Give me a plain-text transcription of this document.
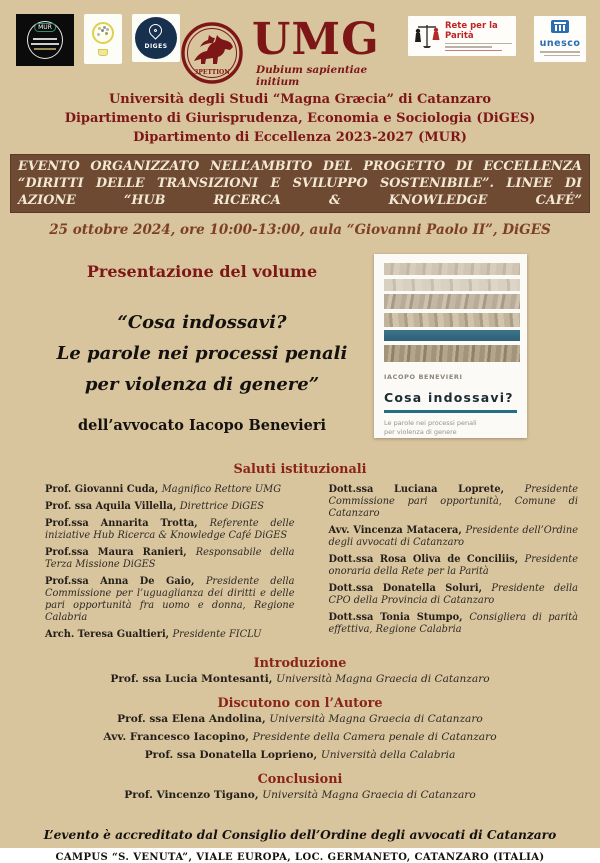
MUR
DIGES
3PETTION
UMG
Dubium sapientiae initium
Rete per la Parità
unesco
Università degli Studi “Magna Græcia” di Catanzaro
Dipartimento di Giurisprudenza, Economia e Sociologia (DiGES)
Dipartimento di Eccellenza 2023-2027 (MUR)
EVENTO ORGANIZZATO NELL’AMBITO DEL PROGETTO DI ECCELLENZA “DIRITTI DELLE TRANSIZIONI E SVILUPPO SOSTENIBILE”. LINEE DI AZIONE “HUB RICERCA & KNOWLEDGE CAFÉ”
25 ottobre 2024, ore 10:00-13:00, aula “Giovanni Paolo II”, DiGES
Presentazione del volume
“Cosa indossavi?
Le parole nei processi penali
per violenza di genere”
dell’avvocato Iacopo Benevieri
IACOPO BENEVIERI
Cosa indossavi?
Le parole nei processi penali
per violenza di genere
Saluti istituzionali

Prof. Giovanni Cuda, Magnifico Rettore UMG

Prof. ssa Aquila Villella, Direttrice DiGES

Prof.ssa Annarita Trotta, Referente delle iniziative Hub Ricerca & Knowledge Café DiGES

Prof.ssa Maura Ranieri, Responsabile della Terza Missione DiGES

Prof.ssa Anna De Gaio, Presidente della Commissione per l’uguaglianza dei diritti e delle pari opportunità fra uomo e donna, Regione Calabria

Arch. Teresa Gualtieri, Presidente FICLU

Dott.ssa Luciana Loprete, Presidente Commissione pari opportunità, Comune di Catanzaro

Avv. Vincenza Matacera, Presidente dell’Ordine degli avvocati di Catanzaro

Dott.ssa Rosa Oliva de Conciliis, Presidente onoraria della Rete per la Parità

Dott.ssa Donatella Soluri, Presidente della CPO della Provincia di Catanzaro

Dott.ssa Tonia Stumpo, Consigliera di parità effettiva, Regione Calabria

Introduzione

Prof. ssa Lucia Montesanti, Università Magna Graecia di Catanzaro

Discutono con l’Autore

Prof. ssa Elena Andolina, Università Magna Graecia di Catanzaro

Avv. Francesco Iacopino, Presidente della Camera penale di Catanzaro

Prof. ssa Donatella Loprieno, Università della Calabria

Conclusioni

Prof. Vincenzo Tigano, Università Magna Graecia di Catanzaro

L’evento è accreditato dal Consiglio dell’Ordine degli avvocati di Catanzaro
CAMPUS “S. VENUTA”, VIALE EUROPA, LOC. GERMANETO, CATANZARO (ITALIA)
